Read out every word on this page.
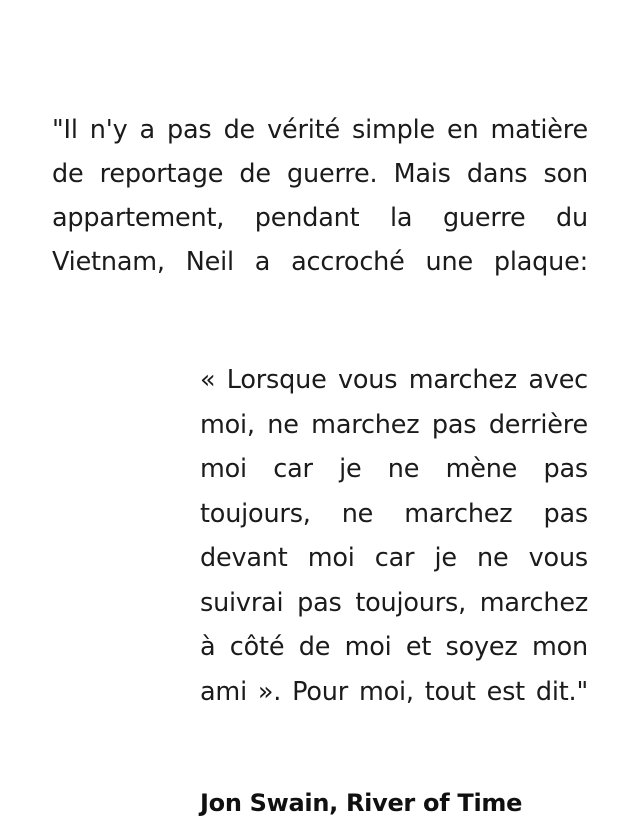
"Il n'y a pas de vérité simple en matière de reportage de guerre. Mais dans son appartement, pendant la guerre du Vietnam, Neil a accroché une plaque:

« Lorsque vous marchez avec moi, ne marchez pas derrière moi car je ne mène pas toujours, ne marchez pas devant moi car je ne vous suivrai pas toujours, marchez à côté de moi et soyez mon ami ». Pour moi, tout est dit."

Jon Swain, River of Time
